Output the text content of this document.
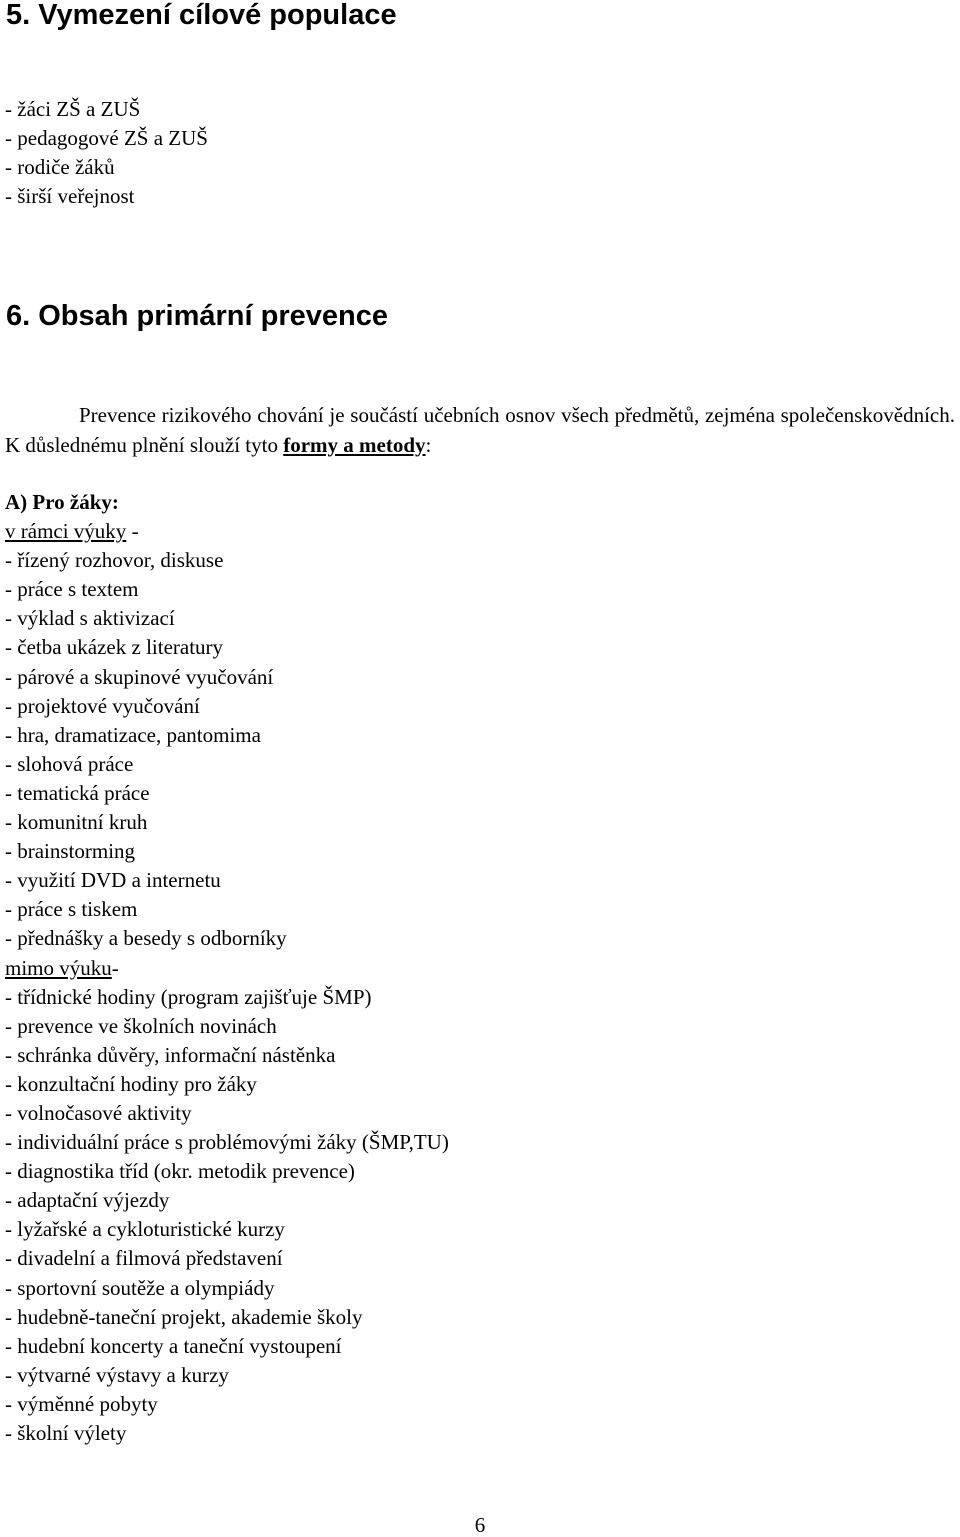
5. Vymezení cílové populace
- žáci ZŠ a ZUŠ
- pedagogové ZŠ a ZUŠ
- rodiče žáků
- širší veřejnost
6. Obsah primární prevence

Prevence rizikového chování je součástí učebních osnov všech předmětů, zejména společenskovědních. K důslednému plnění slouží tyto formy a metody:

A) Pro žáky:
v rámci výuky -
- řízený rozhovor, diskuse
- práce s textem
- výklad s aktivizací
- četba ukázek z literatury
- párové a skupinové vyučování
- projektové vyučování
- hra, dramatizace, pantomima
- slohová práce
- tematická práce
- komunitní kruh
- brainstorming
- využití DVD a internetu
- práce s tiskem
- přednášky a besedy s odborníky
mimo výuku-
- třídnické hodiny (program zajišťuje ŠMP)
- prevence ve školních novinách
- schránka důvěry, informační nástěnka
- konzultační hodiny pro žáky
- volnočasové aktivity
- individuální práce s problémovými žáky (ŠMP,TU)
- diagnostika tříd (okr. metodik prevence)
- adaptační výjezdy
- lyžařské a cykloturistické kurzy
- divadelní a filmová představení
- sportovní soutěže a olympiády
- hudebně-taneční projekt, akademie školy
- hudební koncerty a taneční vystoupení
- výtvarné výstavy a kurzy
- výměnné pobyty
- školní výlety
6
